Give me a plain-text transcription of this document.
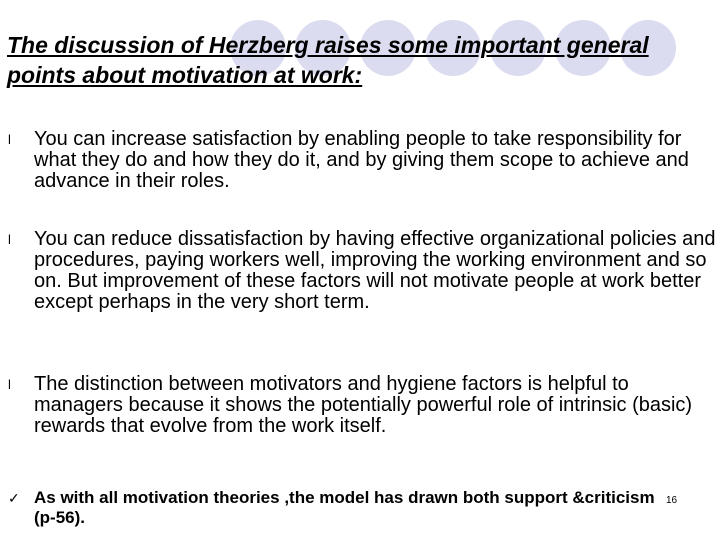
The discussion of Herzberg raises some important general points about motivation at work:
l	You can increase satisfaction by enabling people to take responsibility for what they do and how they do it, and by giving them scope to achieve and advance in their roles.
l	You can reduce dissatisfaction by having effective organizational policies and procedures, paying workers well, improving the working environment and so on. But improvement of these factors will not motivate people at work better except perhaps in the very short term.
l	The distinction between motivators and hygiene factors is helpful to managers because it shows the potentially powerful role of intrinsic (basic) rewards that evolve from the work itself.
✓ As with all motivation theories ,the model has drawn both support &criticism (p-56).
16
